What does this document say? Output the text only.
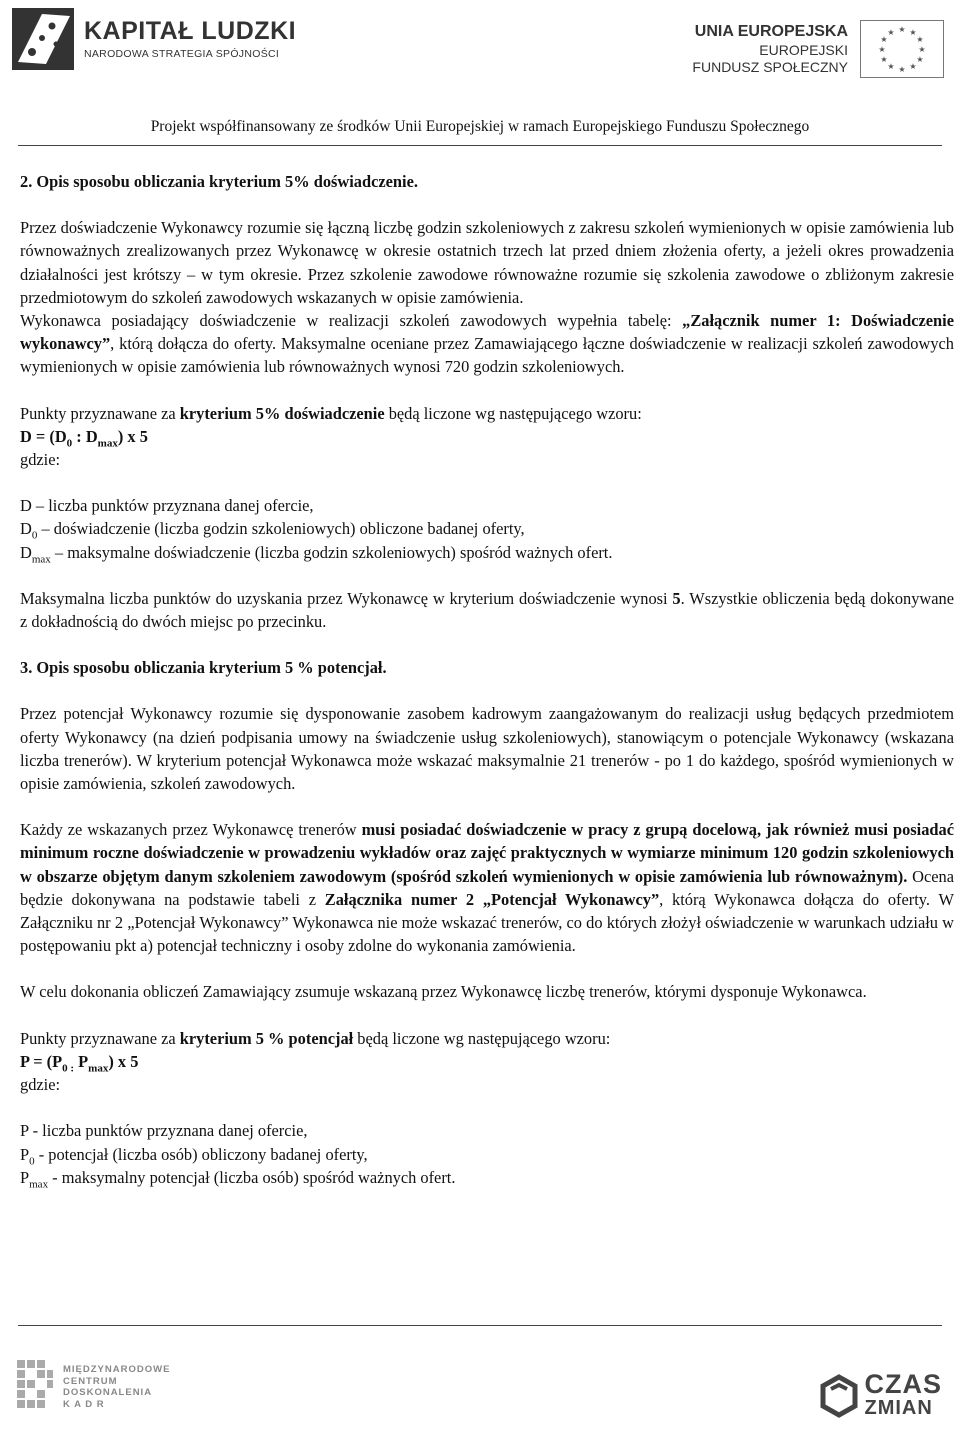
KAPITAŁ LUDZKI
NARODOWA STRATEGIA SPÓJNOŚCI
UNIA EUROPEJSKA
EUROPEJSKI
FUNDUSZ SPOŁECZNY
★ ★
★
★
★
★
★
★
★
★
★
★
Projekt współfinansowany ze środków Unii Europejskiej w ramach Europejskiego Funduszu Społecznego

2. Opis sposobu obliczania kryterium 5% doświadczenie.

Przez doświadczenie Wykonawcy rozumie się łączną liczbę godzin szkoleniowych z zakresu szkoleń wymienionych w opisie zamówienia lub równoważnych zrealizowanych przez Wykonawcę w okresie ostatnich trzech lat przed dniem złożenia oferty, a jeżeli okres prowadzenia działalności jest krótszy – w tym okresie. Przez szkolenie zawodowe równoważne rozumie się szkolenia zawodowe o zbliżonym zakresie przedmiotowym do szkoleń zawodowych wskazanych w opisie zamówienia.

Wykonawca posiadający doświadczenie w realizacji szkoleń zawodowych wypełnia tabelę: „Załącznik numer 1: Doświadczenie wykonawcy”, którą dołącza do oferty. Maksymalne oceniane przez Zamawiającego łączne doświadczenie w realizacji szkoleń zawodowych wymienionych w opisie zamówienia lub równoważnych wynosi 720 godzin szkoleniowych.

Punkty przyznawane za kryterium 5% doświadczenie będą liczone wg następującego wzoru:

$D = (D_0$ : $D_{max}$) x 5

gdzie:

D – liczba punktów przyznana danej ofercie,

$D_0$ – doświadczenie (liczba godzin szkoleniowych) obliczone badanej oferty,

$D_{max}$ – maksymalne doświadczenie (liczba godzin szkoleniowych) spośród ważnych ofert.

Maksymalna liczba punktów do uzyskania przez Wykonawcę w kryterium doświadczenie wynosi 5. Wszystkie obliczenia będą dokonywane z dokładnością do dwóch miejsc po przecinku.

3. Opis sposobu obliczania kryterium 5 % potencjał.

Przez potencjał Wykonawcy rozumie się dysponowanie zasobem kadrowym zaangażowanym do realizacji usług będących przedmiotem oferty Wykonawcy (na dzień podpisania umowy na świadczenie usług szkoleniowych), stanowiącym o potencjale Wykonawcy (wskazana liczba trenerów). W kryterium potencjał Wykonawca może wskazać maksymalnie 21 trenerów - po 1 do każdego, spośród wymienionych w opisie zamówienia, szkoleń zawodowych.

Każdy ze wskazanych przez Wykonawcę trenerów musi posiadać doświadczenie w pracy z grupą docelową, jak również musi posiadać minimum roczne doświadczenie w prowadzeniu wykładów oraz zajęć praktycznych w wymiarze minimum 120 godzin szkoleniowych w obszarze objętym danym szkoleniem zawodowym (spośród szkoleń wymienionych w opisie zamówienia lub równoważnym). Ocena będzie dokonywana na podstawie tabeli z Załącznika numer 2 „Potencjał Wykonawcy”, którą Wykonawca dołącza do oferty. W Załączniku nr 2 „Potencjał Wykonawcy” Wykonawca nie może wskazać trenerów, co do których złożył oświadczenie w warunkach udziału w postępowaniu pkt a) potencjał techniczny i osoby zdolne do wykonania zamówienia.

W celu dokonania obliczeń Zamawiający zsumuje wskazaną przez Wykonawcę liczbę trenerów, którymi dysponuje Wykonawca.

Punkty przyznawane za kryterium 5 % potencjał będą liczone wg następującego wzoru:

$P = (P_{0 :}$ $P_{max}$) x 5

gdzie:

P - liczba punktów przyznana danej ofercie,

$P_0$ - potencjał (liczba osób) obliczony badanej oferty,

$P_{max}$ - maksymalny potencjał (liczba osób) spośród ważnych ofert.

MIĘDZYNARODOWE
CENTRUM
DOSKONALENIA
K A D R
CZAS
ZMIAN
